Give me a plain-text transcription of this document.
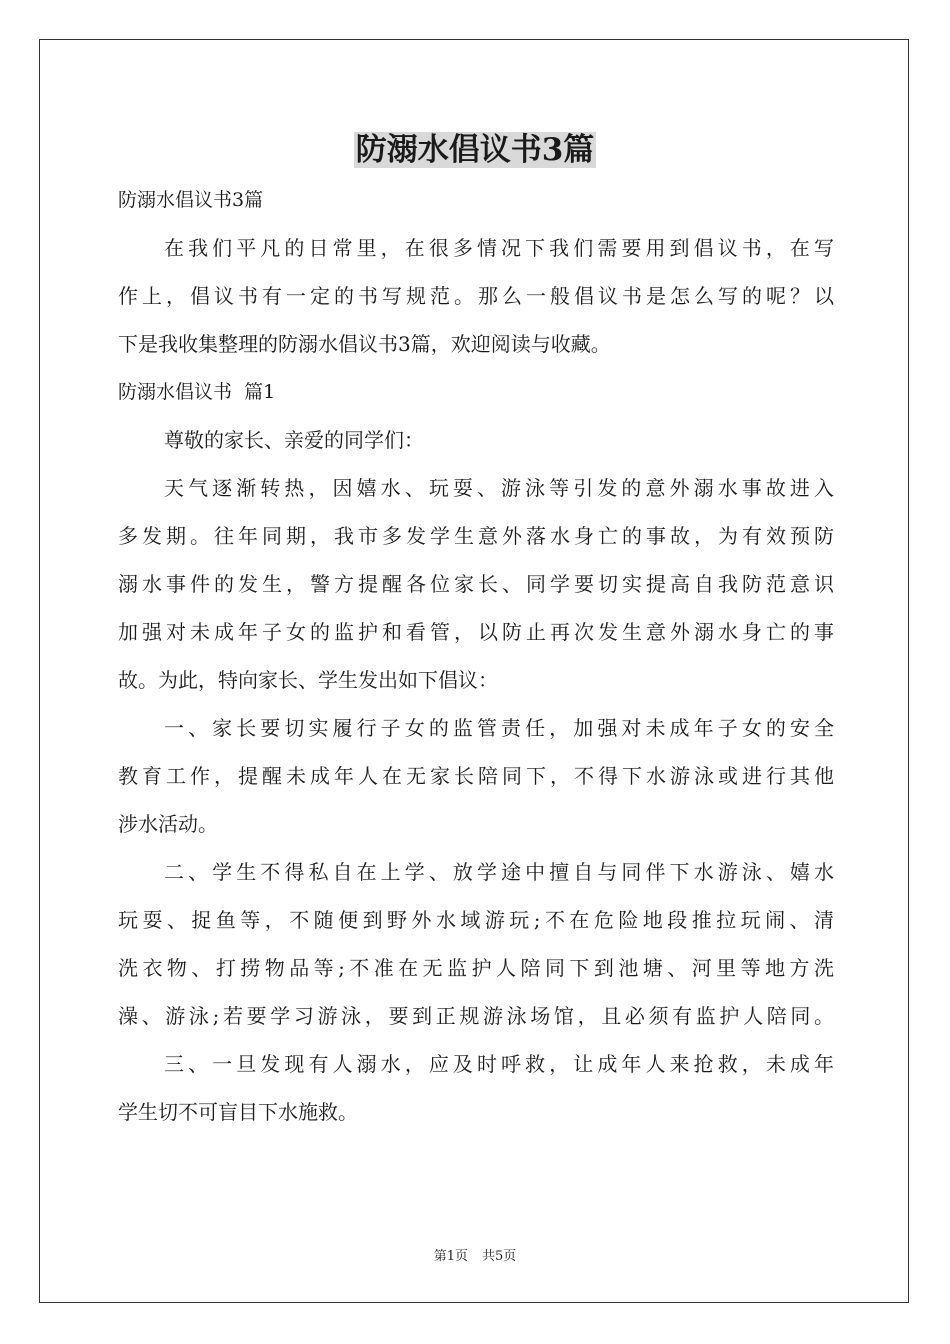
防溺水倡议书3篇
防溺水倡议书3篇
在我们平凡的日常里，在很多情况下我们需要用到倡议书，在写
作上，倡议书有一定的书写规范。那么一般倡议书是怎么写的呢？以
下是我收集整理的防溺水倡议书3篇，欢迎阅读与收藏。
防溺水倡议书  篇1
尊敬的家长、亲爱的同学们：
天气逐渐转热，因嬉水、玩耍、游泳等引发的意外溺水事故进入
多发期。往年同期，我市多发学生意外落水身亡的事故，为有效预防
溺水事件的发生，警方提醒各位家长、同学要切实提高自我防范意识
加强对未成年子女的监护和看管，以防止再次发生意外溺水身亡的事
故。为此，特向家长、学生发出如下倡议：
一、家长要切实履行子女的监管责任，加强对未成年子女的安全
教育工作，提醒未成年人在无家长陪同下，不得下水游泳或进行其他
涉水活动。
二、学生不得私自在上学、放学途中擅自与同伴下水游泳、嬉水
玩耍、捉鱼等，不随便到野外水域游玩;不在危险地段推拉玩闹、清
洗衣物、打捞物品等;不准在无监护人陪同下到池塘、河里等地方洗
澡、游泳;若要学习游泳，要到正规游泳场馆，且必须有监护人陪同。
三、一旦发现有人溺水，应及时呼救，让成年人来抢救，未成年
学生切不可盲目下水施救。
第1页 共5页
